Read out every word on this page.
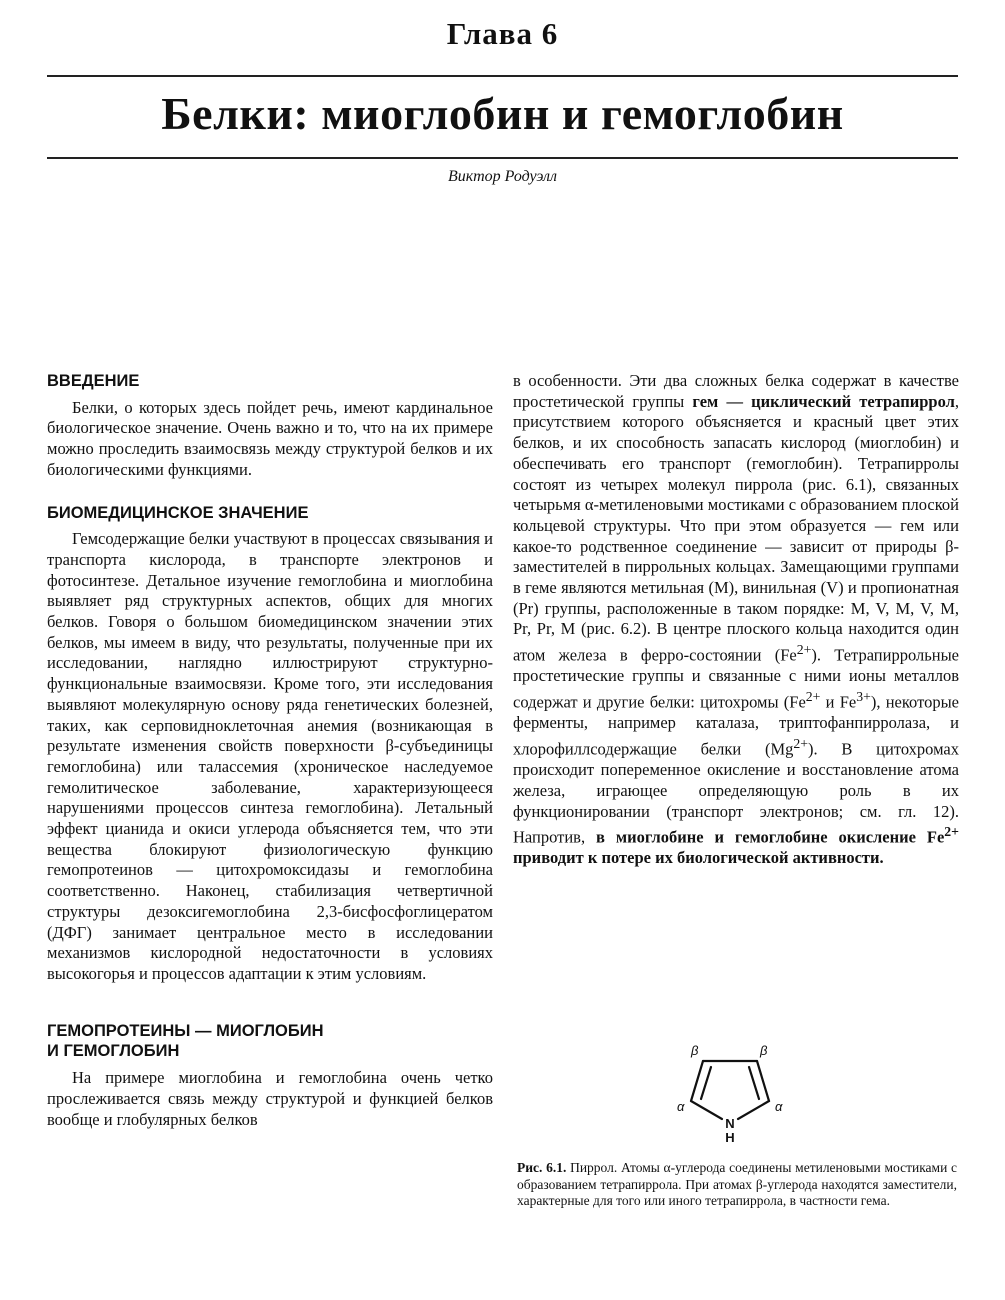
Глава 6
Белки: миоглобин и гемоглобин
Виктор Родуэлл
ВВЕДЕНИЕ

Белки, о которых здесь пойдет речь, имеют кардинальное биологическое значение. Очень важно и то, что на их примере можно проследить взаимосвязь между структурой белков и их биологическими функциями.

БИОМЕДИЦИНСКОЕ ЗНАЧЕНИЕ

Гемсодержащие белки участвуют в процессах связывания и транспорта кислорода, в транспорте электронов и фотосинтезе. Детальное изучение гемоглобина и миоглобина выявляет ряд структурных аспектов, общих для многих белков. Говоря о большом биомедицинском значении этих белков, мы имеем в виду, что результаты, полученные при их исследовании, наглядно иллюстрируют структурно-функциональные взаимосвязи. Кроме того, эти исследования выявляют молекулярную основу ряда генетических болезней, таких, как серповидноклеточная анемия (возникающая в результате изменения свойств поверхности β-субъединицы гемоглобина) или талассемия (хроническое наследуемое гемолитическое заболевание, характеризующееся нарушениями процессов синтеза гемоглобина). Летальный эффект цианида и окиси углерода объясняется тем, что эти вещества блокируют физиологическую функцию гемопротеинов — цитохромоксидазы и гемоглобина соответственно. Наконец, стабилизация четвертичной структуры дезоксигемоглобина 2,3-бисфосфоглицератом (ДФГ) занимает центральное место в исследовании механизмов кислородной недостаточности в условиях высокогорья и процессов адаптации к этим условиям.

ГЕМОПРОТЕИНЫ — МИОГЛОБИН
И ГЕМОГЛОБИН

На примере миоглобина и гемоглобина очень четко прослеживается связь между структурой и функцией белков вообще и глобулярных белков

в особенности. Эти два сложных белка содержат в качестве простетической группы гем — циклический тетрапиррол, присутствием которого объясняется и красный цвет этих белков, и их способность запасать кислород (миоглобин) и обеспечивать его транспорт (гемоглобин). Тетрапирролы состоят из четырех молекул пиррола (рис. 6.1), связанных четырьмя α-метиленовыми мостиками с образованием плоской кольцевой структуры. Что при этом образуется — гем или какое-то родственное соединение — зависит от природы β-заместителей в пиррольных кольцах. Замещающими группами в геме являются метильная (M), винильная (V) и пропионатная (Pr) группы, расположенные в таком порядке: M, V, M, V, M, Pr, Pr, M (рис. 6.2). В центре плоского кольца находится один атом железа в ферро-состоянии $(Fe^{2+})$. Тетрапиррольные простетические группы и связанные с ними ионы металлов содержат и другие белки: цитохромы ($Fe^{2+}$ и $Fe^{3+}$), некоторые ферменты, например каталаза, триптофанпирролаза, и хлорофиллсодержащие белки $(Mg^{2+})$. В цитохромах происходит попеременное окисление и восстановление атома железа, играющее определяющую роль в их функционировании (транспорт электронов; см. гл. 12). Напротив, в миоглобине и гемоглобине окисление $Fe^{2+}$ приводит к потере их биологической активности.

β	β
α	α
N
H
Рис. 6.1. Пиррол. Атомы α-углерода соединены метиленовыми мостиками с образованием тетрапиррола. При атомах β-углерода находятся заместители, характерные для того или иного тетрапиррола, в частности гема.
